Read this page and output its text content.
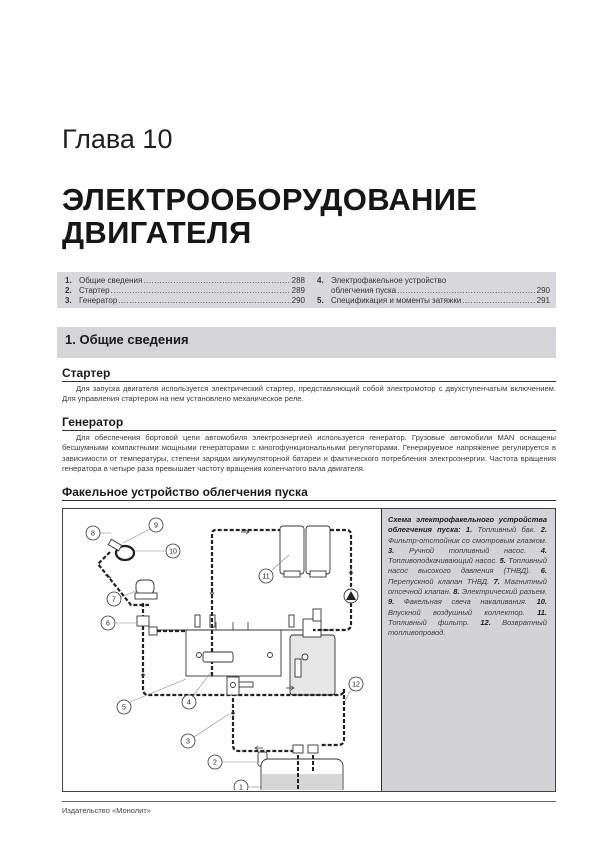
Глава 10
ЭЛЕКТРООБОРУДОВАНИЕ
ДВИГАТЕЛЯ
1. Общие сведения .....	288
2. Стартер .....	289
3. Генератор .....	290
4. Электрофакельное устройство
облегчения пуска .....	290
5. Спецификация и моменты затяжки .....	291
1. Общие сведения
Стартер
Для запуска двигателя используется электрический стартер, представляющий собой электромотор с двухступенчатым включением. Для управления стартером на нем установлено механическое реле.
Генератор
Для обеспечения бортовой цепи автомобиля электроэнергией используется генератор. Грузовые автомобили MAN оснащены бесшумными компактными мощными генераторами с многофункциональными регуляторами. Генерируемое напряжение регулируется в зависимости от температуры, степени зарядки аккумуляторной батареи и фактического потребления электроэнергии. Частота вращения генератора в четыре раза превышает частоту вращения коленчатого вала двигателя.
Факельное устройство облегчения пуска
1
2
3
4
5
6
7
8
9
10
11
12
Схема электрофакельного устройства облегчения пуска: 1. Топливный бак. 2. Фильтр-отстойник со смотровым глазком. 3. Ручной топливный насос. 4. Топливоподкачивающий насос. 5. Топливный насос высокого давления (ТНВД). 6. Перепускной клапан ТНВД. 7. Магнитный отсечной клапан. 8. Электрический разъем. 9. Факельная свеча накаливания. 10. Впускной воздушный коллектор. 11. Топливный фильтр. 12. Возвратный топливопровод.
Издательство «Монолит»
